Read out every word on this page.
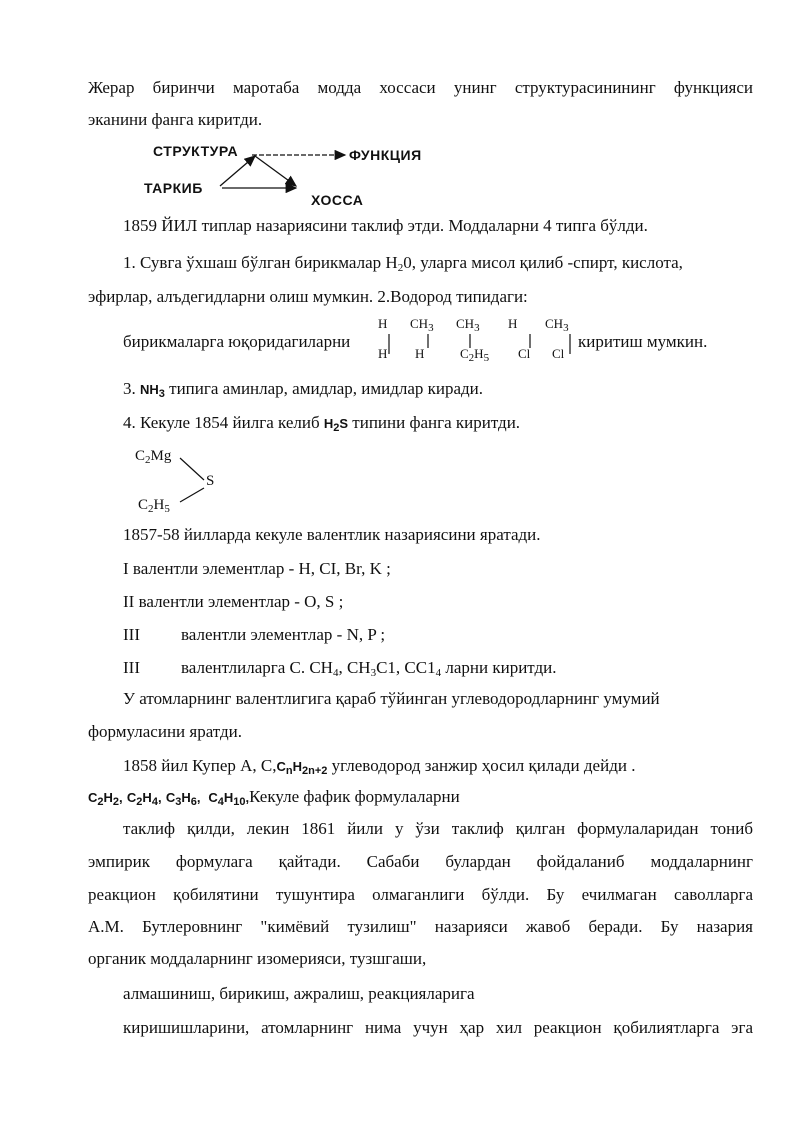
Жерар биринчи маротаба модда хоссаси унинг структурасинининг функцияси
эканини фанга киритди.
СТРУКТУРА	ФУНКЦИЯ
ТАРКИБ
ХОССА
1859 ЙИЛ типлар назариясини таклиф этди. Моддаларни 4 типга бўлди.
1. Сувга ўхшаш бўлган бирикмалар $Н_20$, уларга мисол қилиб -спирт, кислота,
эфирлар, алъдегидларни олиш мумкин. 2.Водород типидаги:
бирикмаларга юқоридагиларни
H
H
$CH_3$
H
$CH_3$
$C_2H_5$
H
Cl
$CH_3$
Cl
киритиш мумкин.
3. $NH_3$ типига аминлар, амидлар, имидлар киради.
4. Кекуле 1854 йилга келиб $H_2S$ типини фанга киритди.
$C_2Mg$
S
$C_2H_5$
1857-58 йилларда кекуле валентлик назариясини яратади.
I валентли элементлар - Н, СI, Br, K ;
II валентли элементлар - О, S ;
III валентли элементлар - N, P ;
III валентлиларга C. $CH_4$, $CH_3C1$, $CC1_4$ ларни киритди.
У атомларнинг валентлигига қараб тўйинган углеводородларнинг умумий
формуласини яратди.
1858 йил Купер А, $С,C_nH_{2n+2}$ углеводород занжир ҳосил қилади дейди .
$C_2H_2$, $C_2H_4$, $C_3H_6$,  $C_4H_{10},Кекуле$ фафик формулаларни
таклиф қилди, лекин 1861 йили у ўзи таклиф қилган формулаларидан тониб
эмпирик формулага қайтади. Сабаби булардан фойдаланиб моддаларнинг
реакцион қобилятини тушунтира олмаганлиги бўлди. Бу ечилмаган саволларга
А.М. Бутлеровнинг "кимёвий тузилиш" назарияси жавоб беради. Бу назария
органик моддаларнинг изомерияси, тузшгаши,
алмашиниш, бирикиш, ажралиш, реакцияларига
киришишларини, атомларнинг нима учун ҳар хил реакцион қобилиятларга эга
